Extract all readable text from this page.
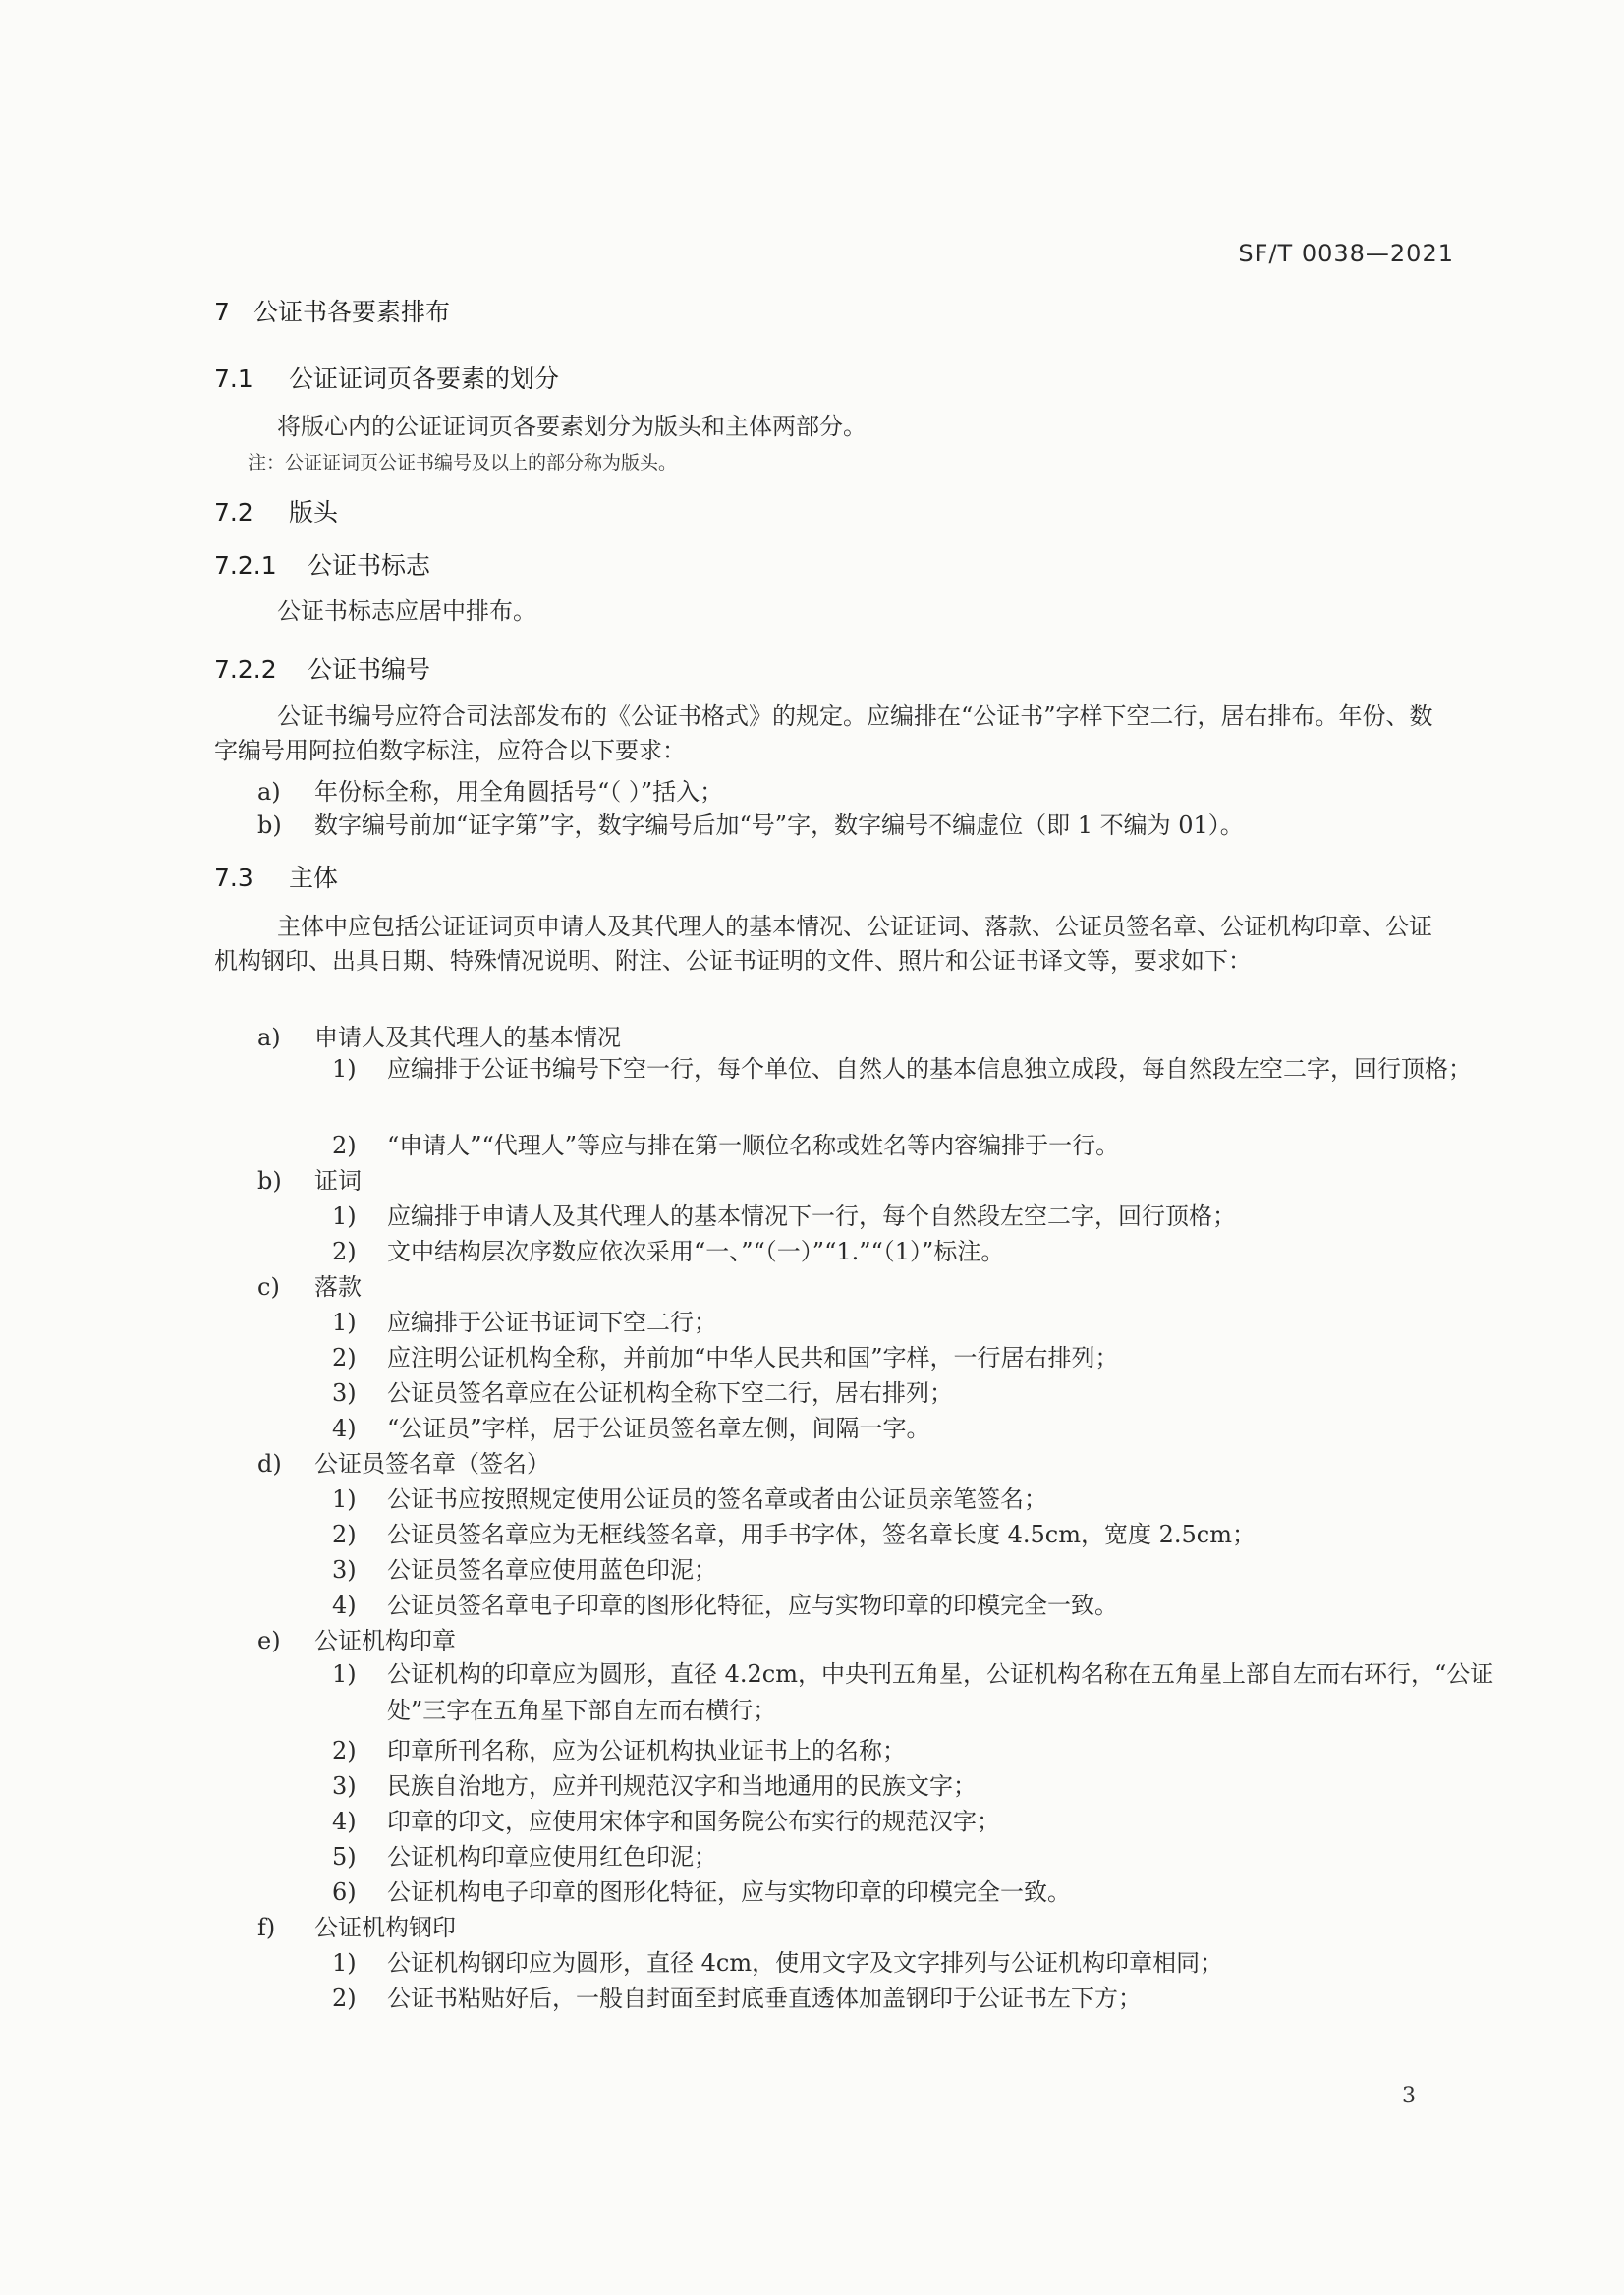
SF/T 0038—2021
7 公证书各要素排布
7.1 公证证词页各要素的划分
将版心内的公证证词页各要素划分为版头和主体两部分。
注：公证证词页公证书编号及以上的部分称为版头。
7.2 版头
7.2.1 公证书标志
公证书标志应居中排布。
7.2.2 公证书编号
公证书编号应符合司法部发布的《公证书格式》的规定。应编排在“公证书”字样下空二行，居右排布。年份、数字编号用阿拉伯数字标注，应符合以下要求：
a) 年份标全称，用全角圆括号“（ ）”括入；
b) 数字编号前加“证字第”字，数字编号后加“号”字，数字编号不编虚位（即 1 不编为 01）。
7.3 主体
主体中应包括公证证词页申请人及其代理人的基本情况、公证证词、落款、公证员签名章、公证机构印章、公证机构钢印、出具日期、特殊情况说明、附注、公证书证明的文件、照片和公证书译文等，要求如下：
a) 申请人及其代理人的基本情况
1) 应编排于公证书编号下空一行，每个单位、自然人的基本信息独立成段，每自然段左空二字，回行顶格；
2) “申请人”“代理人”等应与排在第一顺位名称或姓名等内容编排于一行。
b) 证词
1) 应编排于申请人及其代理人的基本情况下一行，每个自然段左空二字，回行顶格；
2) 文中结构层次序数应依次采用“一、”“（一）”“1.”“（1）”标注。
c) 落款
1) 应编排于公证书证词下空二行；
2) 应注明公证机构全称，并前加“中华人民共和国”字样，一行居右排列；
3) 公证员签名章应在公证机构全称下空二行，居右排列；
4) “公证员”字样，居于公证员签名章左侧，间隔一字。
d) 公证员签名章（签名）
1) 公证书应按照规定使用公证员的签名章或者由公证员亲笔签名；
2) 公证员签名章应为无框线签名章，用手书字体，签名章长度 4.5cm，宽度 2.5cm；
3) 公证员签名章应使用蓝色印泥；
4) 公证员签名章电子印章的图形化特征，应与实物印章的印模完全一致。
e) 公证机构印章
1) 公证机构的印章应为圆形，直径 4.2cm，中央刊五角星，公证机构名称在五角星上部自左而右环行，“公证处”三字在五角星下部自左而右横行；
2) 印章所刊名称，应为公证机构执业证书上的名称；
3) 民族自治地方，应并刊规范汉字和当地通用的民族文字；
4) 印章的印文，应使用宋体字和国务院公布实行的规范汉字；
5) 公证机构印章应使用红色印泥；
6) 公证机构电子印章的图形化特征，应与实物印章的印模完全一致。
f) 公证机构钢印
1) 公证机构钢印应为圆形，直径 4cm，使用文字及文字排列与公证机构印章相同；
2) 公证书粘贴好后，一般自封面至封底垂直透体加盖钢印于公证书左下方；
3
